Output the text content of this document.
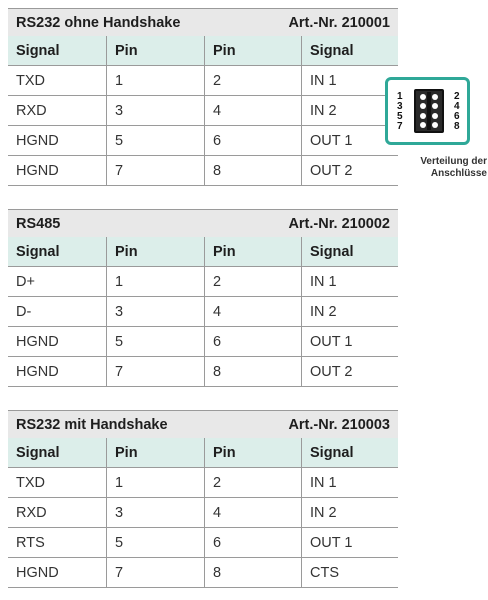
RS232 ohne Handshake	Art.-Nr. 210001
Signal	Pin	Pin	Signal
TXD	1	2	IN 1
RXD	3	4	IN 2
HGND	5	6	OUT 1
HGND	7	8	OUT 2
RS485	Art.-Nr. 210002
Signal	Pin	Pin	Signal
D+	1	2	IN 1
D-	3	4	IN 2
HGND	5	6	OUT 1
HGND	7	8	OUT 2
RS232 mit Handshake	Art.-Nr. 210003
Signal	Pin	Pin	Signal
TXD	1	2	IN 1
RXD	3	4	IN 2
RTS	5	6	OUT 1
HGND	7	8	CTS
1
3
5
7
2
4
6
8
Verteilung der
Anschlüsse
